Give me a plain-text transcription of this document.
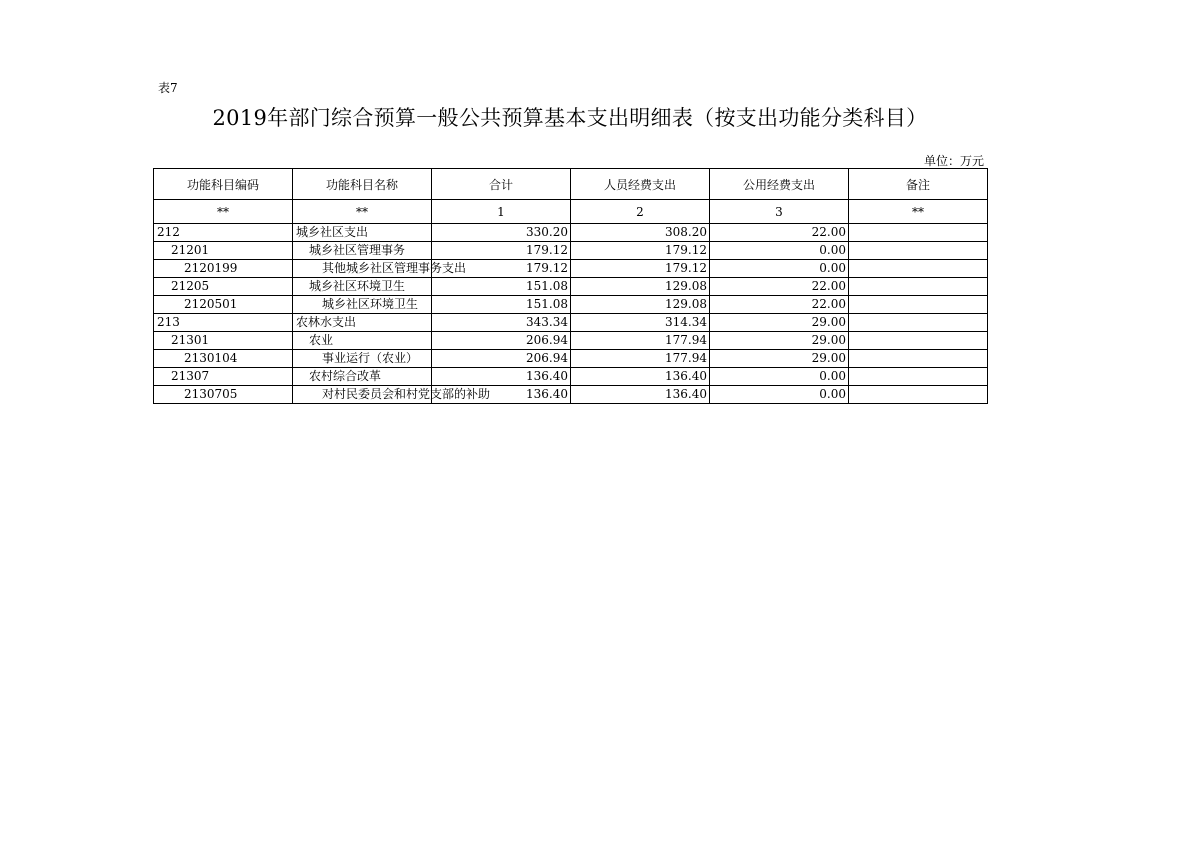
表7
2019年部门综合预算一般公共预算基本支出明细表（按支出功能分类科目）
单位：万元
功能科目编码	功能科目名称	合计	人员经费支出	公用经费支出	备注
**	**	1	2	3	**
212	城乡社区支出	330.20	308.20	22.00	
21201	城乡社区管理事务	179.12	179.12	0.00	
2120199	其他城乡社区管理事务支出	179.12	179.12	0.00	
21205	城乡社区环境卫生	151.08	129.08	22.00	
2120501	城乡社区环境卫生	151.08	129.08	22.00	
213	农林水支出	343.34	314.34	29.00	
21301	农业	206.94	177.94	29.00	
2130104	事业运行（农业）	206.94	177.94	29.00	
21307	农村综合改革	136.40	136.40	0.00	
2130705	对村民委员会和村党支部的补助	136.40	136.40	0.00	
